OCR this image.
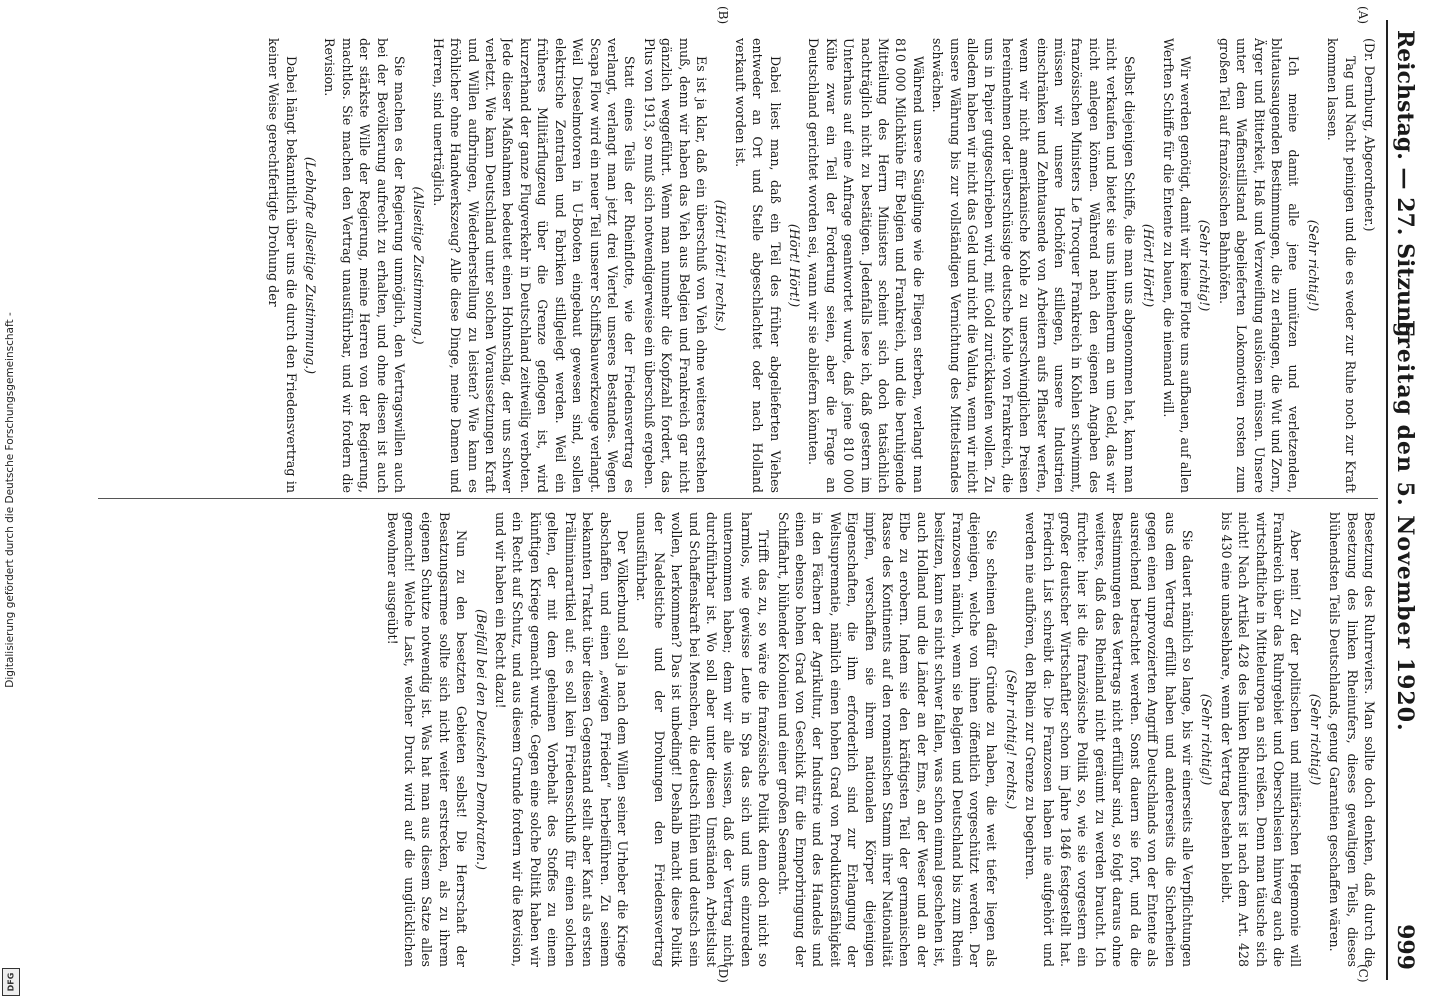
Digitalisierung gefördert durch die Deutsche Forschungsgemeinschaft -
DFG
Reichstag. — 27. Sitzung.
Freitag den 5. November 1920.
999
(A)
(B)
(C)
(D)

(Dr. Dernburg, Abgeordneter.)

Tag und Nacht peinigen und die es weder zur Ruhe noch zur Kraft kommen lassen.

(Sehr richtig!)

Ich meine damit alle jene unnützen und verletzenden, blutaussaugenden Bestimmungen, die zu erlangen, die Wut und Zorn, Ärger und Bitterkeit, Haß und Verzweiflung auslösen müssen. Unsere unter dem Waffenstillstand abgelieferten Lokomotiven rosten zum großen Teil auf französischen Bahnhöfen.

(Sehr richtig!)

Wir werden genötigt, damit wir keine Flotte uns aufbauen, auf allen Werften Schiffe für die Entente zu bauen, die niemand will.

(Hört! Hört!)

Selbst diejenigen Schiffe, die man uns abgenommen hat, kann man nicht verkaufen und bietet sie uns hintenherum an um Geld, das wir nicht anlegen können. Während nach den eigenen Angaben des französischen Ministers Le Trocquer Frankreich in Kohlen schwimmt, müssen wir unsere Hochöfen stillegen, unsere Industrien einschränken und Zehntausende von Arbeitern aufs Pflaster werfen, wenn wir nicht amerikanische Kohle zu unerschwinglichen Preisen hereinnehmen oder überschüssige deutsche Kohle von Frankreich, die uns in Papier gutgeschrieben wird, mit Gold zurückkaufen wollen. Zu alledem haben wir nicht das Geld und nicht die Valuta, wenn wir nicht unsere Währung bis zur vollständigen Vernichtung des Mittelstandes schwächen.

Während unsere Säuglinge wie die Fliegen sterben, verlangt man 810 000 Milchkühe für Belgien und Frankreich, und die beruhigende Mitteilung des Herrn Ministers scheint sich doch tatsächlich nachträglich nicht zu bestätigen. Jedenfalls lese ich, daß gestern im Unterhaus auf eine Anfrage geantwortet wurde, daß jene 810 000 Kühe zwar ein Teil der Forderung seien, aber die Frage an Deutschland gerichtet worden sei, wann wir sie abliefern könnten.

(Hört! Hört!)

Dabei liest man, daß ein Teil des früher abgelieferten Viehes entweder an Ort und Stelle abgeschlachtet oder nach Holland verkauft worden ist.

(Hört! Hört! rechts.)

Es ist ja klar, daß ein überschuß von Vieh ohne weiteres erstehen muß, denn wir haben das Vieh aus Belgien und Frankreich gar nicht gänzlich weggeführt. Wenn man nunmehr die Kopfzahl fordert, das Plus von 1913, so muß sich notwendigerweise ein überschuß ergeben.

Statt eines Teils der Rheinflotte, wie der Friedensvertrag es verlangt, verlangt man jetzt drei Viertel unseres Bestandes. Wegen Scapa Flow wird ein neuer Teil unserer Schiffsbauwerkzeuge verlangt. Weil Dieselmotoren in U-Booten eingebaut gewesen sind, sollen elektrische Zentralen und Fabriken stillgelegt werden. Weil ein früheres Militärflugzeug über die Grenze geflogen ist, wird kurzerhand der ganze Flugverkehr in Deutschland zeitweilig verboten. Jede dieser Maßnahmen bedeutet einen Hohnschlag, der uns schwer verletzt. Wie kann Deutschland unter solchen Voraussetzungen Kraft und Willen aufbringen, Wiederherstellung zu leisten? Wie kann es fröhlicher ohne Handwerkszeug? Alle diese Dinge, meine Damen und Herren, sind unerträglich.

(Allseitige Zustimmung.)

Sie machen es der Regierung unmöglich, den Vertragswillen auch bei der Bevölkerung aufrecht zu erhalten, und ohne diesen ist auch der stärkste Wille der Regierung, meine Herren von der Regierung, machtlos. Sie machen den Vertrag unausführbar, und wir fordern die Revision.

(Lebhafte allseitige Zustimmung.)

Dabei hängt bekanntlich über uns die durch den Friedensvertrag in keiner Weise gerechtfertigte Drohung der

Besetzung des Ruhrreviers. Man sollte doch denken, daß durch die Besetzung des linken Rheinufers, dieses gewaltigen Teils, dieses blühendsten Teils Deutschlands, genug Garantien geschaffen wären.

(Sehr richtig!)

Aber nein! Zu der politischen und militärischen Hegemonie will Frankreich über das Ruhrgebiet und Oberschlesien hinweg auch die wirtschaftliche in Mitteleuropa an sich reißen. Denn man täusche sich nicht! Nach Artikel 428 des linken Rheinufers ist nach dem Art. 428 bis 430 eine unabsehbare, wenn der Vertrag bestehen bleibt.

(Sehr richtig!)

Sie dauert nämlich so lange, bis wir einerseits alle Verpflichtungen aus dem Vertrag erfüllt haben und andererseits die Sicherheiten gegen einen unprovozierten Angriff Deutschlands von der Entente als ausreichend betrachtet werden. Sonst dauern sie fort, und da die Bestimmungen des Vertrags nicht erfüllbar sind, so folgt daraus ohne weiteres, daß das Rheinland nicht geräumt zu werden braucht. Ich fürchte: hier ist die französische Politik so, wie sie vorgestern ein großer deutscher Wirtschaftler schon im Jahre 1846 festgestellt hat. Friedrich List schreibt da: Die Franzosen haben nie aufgehört und werden nie aufhören, den Rhein zur Grenze zu begehren.

(Sehr richtig! rechts.)

Sie scheinen dafür Gründe zu haben, die weit tiefer liegen als diejenigen, welche von ihnen öffentlich vorgeschützt werden. Der Franzosen nämlich, wenn sie Belgien und Deutschland bis zum Rhein besitzen, kann es nicht schwer fallen, was schon einmal geschehen ist, auch Holland und die Länder an der Ems, an der Weser und an der Elbe zu erobern. Indem sie den kräftigsten Teil der germanischen Rasse des Kontinents auf den romanischen Stamm ihrer Nationalität impfen, verschaffen sie ihrem nationalen Körper diejenigen Eigenschaften, die ihm erforderlich sind zur Erlangung der Weltsuprematie, nämlich einen hohen Grad von Produktionsfähigkeit in den Fächern der Agrikultur, der Industrie und des Handels und einen ebenso hohen Grad von Geschick für die Emporbringung der Schiffahrt, blühender Kolonien und einer großen Seemacht.

Trifft das zu, so wäre die französische Politik denn doch nicht so harmlos, wie gewisse Leute in Spa das sich und uns einzureden unternommen haben; denn wir alle wissen, daß der Vertrag nicht durchführbar ist. Wo soll aber unter diesen Umständen Arbeitslust und Schaffenskraft bei Menschen, die deutsch fühlen und deutsch sein wollen, herkommen? Das ist unbedingt! Deshalb macht diese Politik der Nadelstiche und der Drohungen den Friedensvertrag unausführbar.

Der Völkerbund soll ja nach dem Willen seiner Urheber die Kriege abschaffen und einen „ewigen Frieden“ herbeiführen. Zu seinem bekannten Traktat über diesen Gegenstand stellt aber Kant als ersten Präliminarartikel auf: es soll kein Friedensschluß für einen solchen gelten, der mit dem geheimen Vorbehalt des Stoffes zu einem künftigen Kriege gemacht wurde. Gegen eine solche Politik haben wir ein Recht auf Schutz, und aus diesem Grunde fordern wir die Revision, und wir haben ein Recht dazu!

(Beifall bei den Deutschen Demokraten.)

Nun zu den besetzten Gebieten selbst! Die Herrschaft der Besatzungsarmee sollte sich nicht weiter erstrecken, als zu ihrem eigenen Schutze notwendig ist. Was hat man aus diesem Satze alles gemacht! Welche Last, welcher Druck wird auf die unglücklichen Bewohner ausgeübt!
